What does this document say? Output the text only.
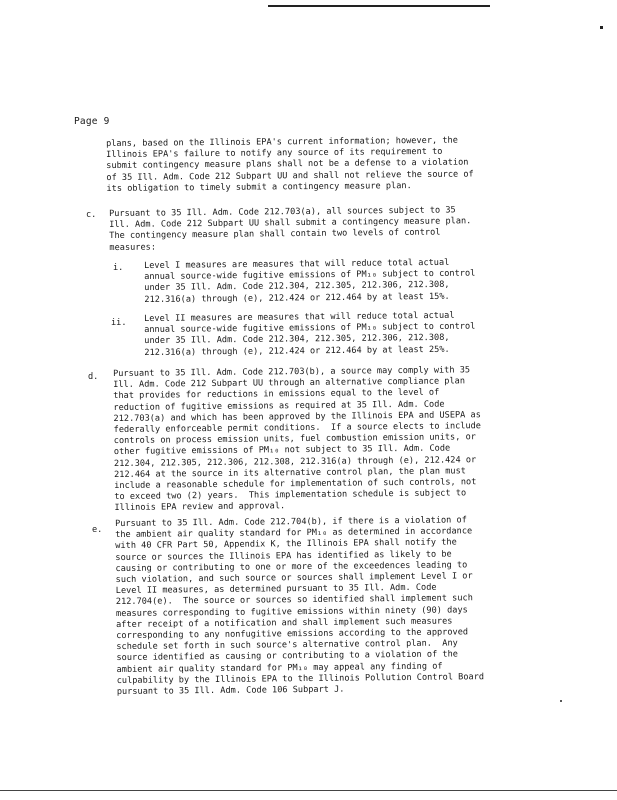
Page 9
plans, based on the Illinois EPA's current information; however, the
Illinois EPA's failure to notify any source of its requirement to
submit contingency measure plans shall not be a defense to a violation
of 35 Ill. Adm. Code 212 Subpart UU and shall not relieve the source of
its obligation to timely submit a contingency measure plan.
c. Pursuant to 35 Ill. Adm. Code 212.703(a), all sources subject to 35
Ill. Adm. Code 212 Subpart UU shall submit a contingency measure plan.
The contingency measure plan shall contain two levels of control
measures:
i. Level I measures are measures that will reduce total actual
annual source-wide fugitive emissions of PM₁₀ subject to control
under 35 Ill. Adm. Code 212.304, 212.305, 212.306, 212.308,
212.316(a) through (e), 212.424 or 212.464 by at least 15%.
ii. Level II measures are measures that will reduce total actual
annual source-wide fugitive emissions of PM₁₀ subject to control
under 35 Ill. Adm. Code 212.304, 212.305, 212.306, 212.308,
212.316(a) through (e), 212.424 or 212.464 by at least 25%.
d. Pursuant to 35 Ill. Adm. Code 212.703(b), a source may comply with 35
Ill. Adm. Code 212 Subpart UU through an alternative compliance plan
that provides for reductions in emissions equal to the level of
reduction of fugitive emissions as required at 35 Ill. Adm. Code
212.703(a) and which has been approved by the Illinois EPA and USEPA as
federally enforceable permit conditions.  If a source elects to include
controls on process emission units, fuel combustion emission units, or
other fugitive emissions of PM₁₀ not subject to 35 Ill. Adm. Code
212.304, 212.305, 212.306, 212.308, 212.316(a) through (e), 212.424 or
212.464 at the source in its alternative control plan, the plan must
include a reasonable schedule for implementation of such controls, not
to exceed two (2) years.  This implementation schedule is subject to
Illinois EPA review and approval.
e.
Pursuant to 35 Ill. Adm. Code 212.704(b), if there is a violation of
the ambient air quality standard for PM₁₀ as determined in accordance
with 40 CFR Part 50, Appendix K, the Illinois EPA shall notify the
source or sources the Illinois EPA has identified as likely to be
causing or contributing to one or more of the exceedences leading to
such violation, and such source or sources shall implement Level I or
Level II measures, as determined pursuant to 35 Ill. Adm. Code
212.704(e).  The source or sources so identified shall implement such
measures corresponding to fugitive emissions within ninety (90) days
after receipt of a notification and shall implement such measures
corresponding to any nonfugitive emissions according to the approved
schedule set forth in such source's alternative control plan.  Any
source identified as causing or contributing to a violation of the
ambient air quality standard for PM₁₀ may appeal any finding of
culpability by the Illinois EPA to the Illinois Pollution Control Board
pursuant to 35 Ill. Adm. Code 106 Subpart J.
